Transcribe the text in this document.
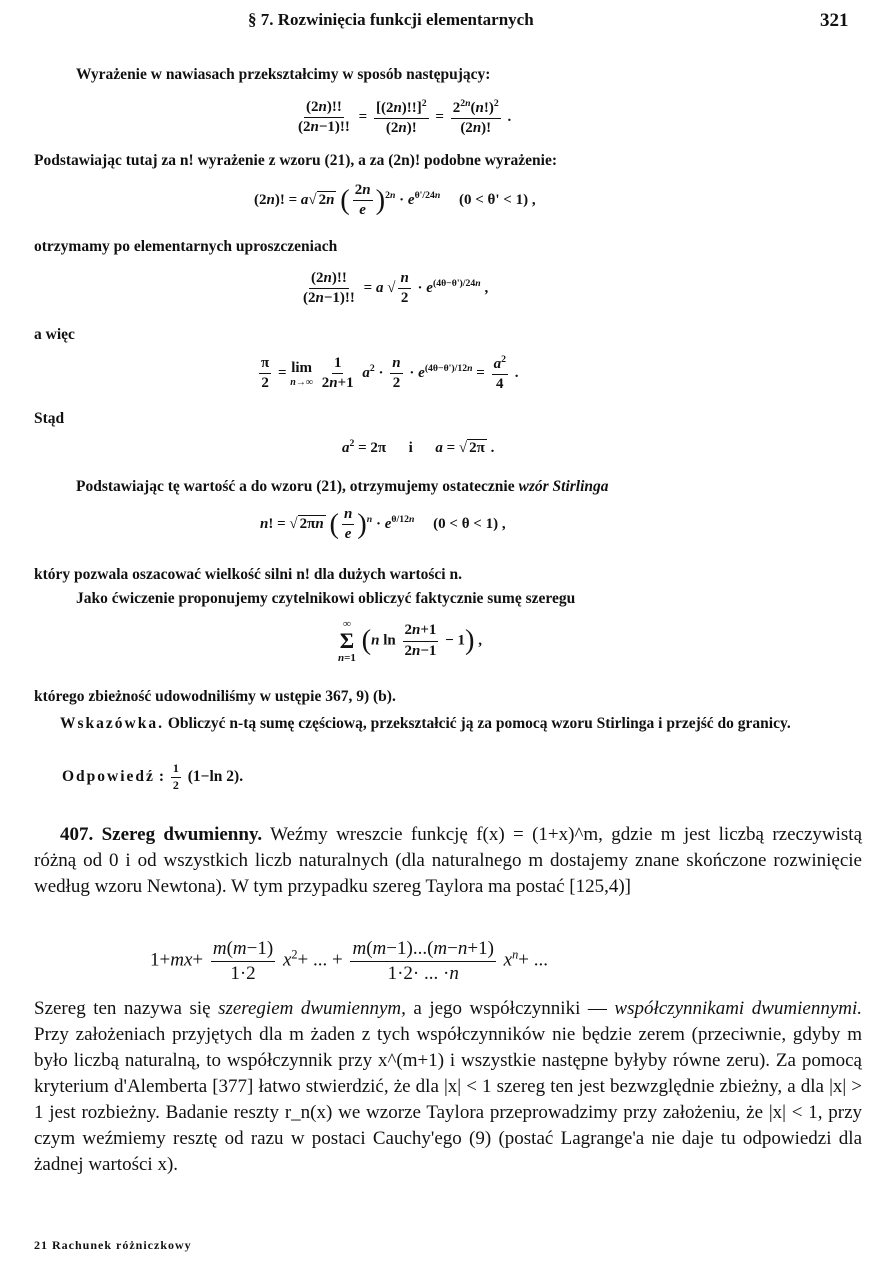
§ 7. Rozwinięcia funkcji elementarnych	321
Wyrażenie w nawiasach przekształcimy w sposób następujący:
$\frac{(2n)!!}{(2n-1)!!} = \frac{[(2n)!!]^2}{(2n)!} = \frac{2^{2n}(n!)^2}{(2n)!}$ .
Podstawiając tutaj za n! wyrażenie z wzoru (21), a za (2n)! podobne wyrażenie:
(2n)! = a√ 2n ( $\frac{2n}{e} )^{2n} \cdot e^{\theta'/24n}$     (0 < θ' < 1) ,
otrzymamy po elementarnych uproszczeniach
$\frac{(2n)!!}{(2n-1)!!} = a$ √ $\frac{n}{2} \cdot e^{(4\theta-\theta')/24n}$ ,
a więc
$\frac{\pi}{2} = \lim$
n→∞
$\frac{1}{2n+1} a^2 \cdot \frac{n}{2} \cdot e^{(4\theta-\theta')/12n} = \frac{a^2}{4}$ .
Stąd
$a^2 = 2\pi$      i      a = √ 2π .
Podstawiając tę wartość a do wzoru (21), otrzymujemy ostatecznie wzór Stirlinga
n! = √ 2πn ( $\frac{n}{e} )^n \cdot e^{\theta/12n}$     (0 < θ < 1) ,
który pozwala oszacować wielkość silni n! dla dużych wartości n.
Jako ćwiczenie proponujemy czytelnikowi obliczyć faktycznie sumę szeregu
∞
Σ
n=1
(n $\ln \frac{2n+1}{2n-1} - 1$) ,
którego zbieżność udowodniliśmy w ustępie 367, 9) (b).

Wskazówka. Obliczyć n-tą sumę częściową, przekształcić ją za pomocą wzoru Stirlinga i przejść do granicy.

Odpowiedź : $\frac{1}{2} (1-\ln$ 2).

407. Szereg dwumienny. Weźmy wreszcie funkcję f(x) = (1+x)^m, gdzie m jest liczbą rzeczywistą różną od 0 i od wszystkich liczb naturalnych (dla naturalnego m dostajemy znane skończone rozwinięcie według wzoru Newtona). W tym przypadku szereg Taylora ma postać [125,4)]

$1+mx+ \frac{m(m-1)}{1\cdot 2} x^2+$ ... + $\frac{m(m-1)...(m-n+1)}{1\cdot 2\cdot ... \cdot n} x^n+$ ...

Szereg ten nazywa się szeregiem dwumiennym, a jego współczynniki — współczynnikami dwumiennymi. Przy założeniach przyjętych dla m żaden z tych współczynników nie będzie zerem (przeciwnie, gdyby m było liczbą naturalną, to współczynnik przy x^(m+1) i wszystkie następne byłyby równe zeru). Za pomocą kryterium d'Alemberta [377] łatwo stwierdzić, że dla |x| < 1 szereg ten jest bezwzględnie zbieżny, a dla |x| > 1 jest rozbieżny. Badanie reszty r_n(x) we wzorze Taylora przeprowadzimy przy założeniu, że |x| < 1, przy czym weźmiemy resztę od razu w postaci Cauchy'ego (9) (postać Lagrange'a nie daje tu odpowiedzi dla żadnej wartości x).

21 Rachunek różniczkowy
